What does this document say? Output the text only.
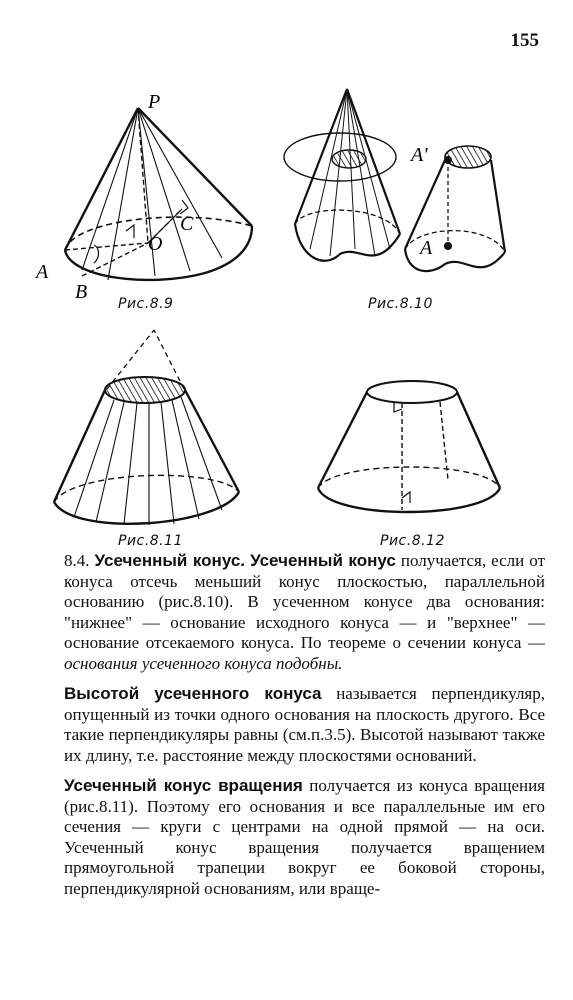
155
P
A
B
C
O
Рис.8.9
A'
A
Рис.8.10
Рис.8.11	Рис.8.12

8.4. Усеченный конус. Усеченный конус получается, если от конуса отсечь меньший конус плоскостью, параллельной основанию (рис.8.10). В усеченном конусе два основания: "нижнее" — основание исходного конуса — и "верхнее" — основание отсекаемого конуса. По теореме о сечении конуса — основания усеченного конуса подобны.

Высотой усеченного конуса называется перпендикуляр, опущенный из точки одного основания на плоскость другого. Все такие перпендикуляры равны (см.п.3.5). Высотой называют также их длину, т.е. расстояние между плоскостями оснований.

Усеченный конус вращения получается из конуса вращения (рис.8.11). Поэтому его основания и все параллельные им его сечения — круги с центрами на одной прямой — на оси. Усеченный конус вращения получается вращением прямоугольной трапеции вокруг ее боковой стороны, перпендикулярной основаниям, или враще-
